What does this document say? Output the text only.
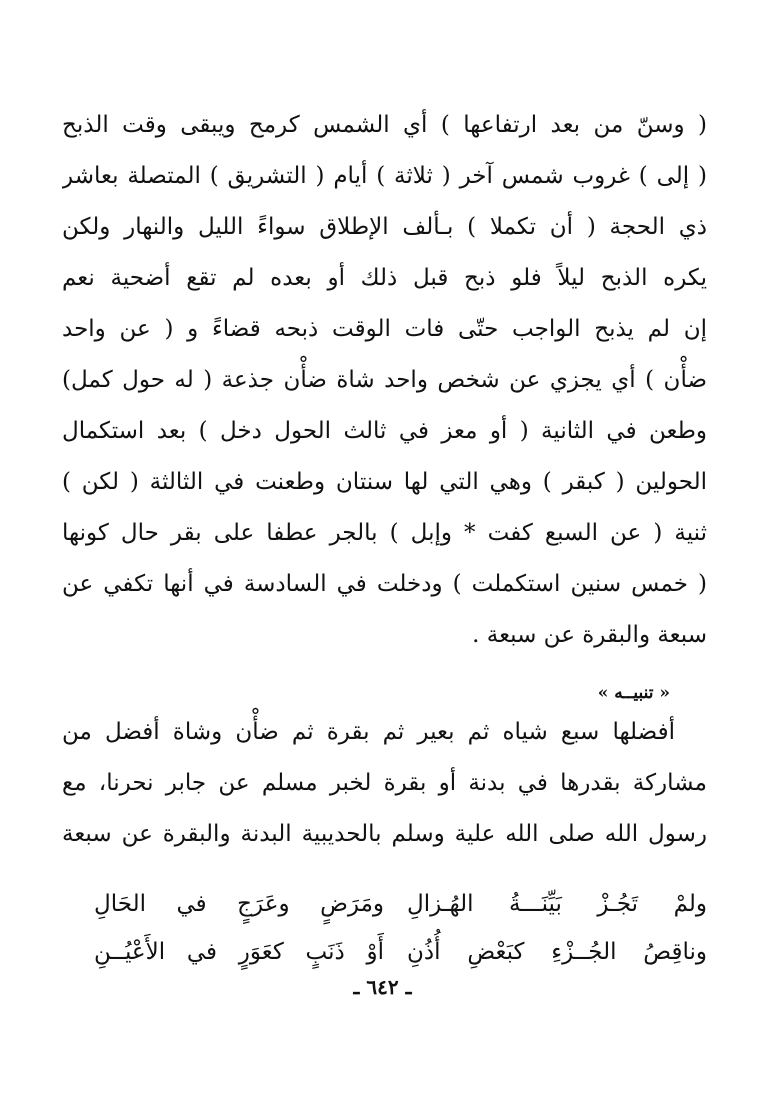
( وسنّ من بعد ارتفاعها ) أي الشمس كرمح ويبقى وقت الذبح
( إلى ) غروب شمس آخر ( ثلاثة ) أيام ( التشريق ) المتصلة بعاشر
ذي الحجة ( أن تكملا ) بـألف الإطلاق سواءً الليل والنهار ولكن
يكره الذبح ليلاً فلو ذبح قبل ذلك أو بعده لم تقع أضحية نعم
إن لم يذبح الواجب حتّى فات الوقت ذبحه قضاءً و ( عن واحد
ضأْن ) أي يجزي عن شخص واحد شاة ضأْن جذعة ( له حول كمل)
وطعن في الثانية ( أو معز في ثالث الحول دخل ) بعد استكمال
الحولين ( كبقر ) وهي التي لها سنتان وطعنت في الثالثة ( لكن )
ثنية ( عن السبع كفت * وإبل ) بالجر عطفا على بقر حال كونها
( خمس سنين استكملت ) ودخلت في السادسة في أنها تكفي عن
سبعة والبقرة عن سبعة .
« تنبيــه »
أفضلها سبع شياه ثم بعير ثم بقرة ثم ضأْن وشاة أفضل من
مشاركة بقدرها في بدنة أو بقرة لخبر مسلم عن جابر نحرنا، مع
رسول الله صلى الله علية وسلم بالحديبية البدنة والبقرة عن سبعة
ولمْ تَجُـزْ بَيِّنَـــةُ الهُـزالِ
ومَرَضٍ وعَرَجٍ في الحَالِ
وناقِصُ الجُــزْءِ كبَعْضِ أُذُنِ
أَوْ ذَنَبٍ كعَوَرٍ في الأَعْيُــنِ
ـ ٦٤٢ ـ
